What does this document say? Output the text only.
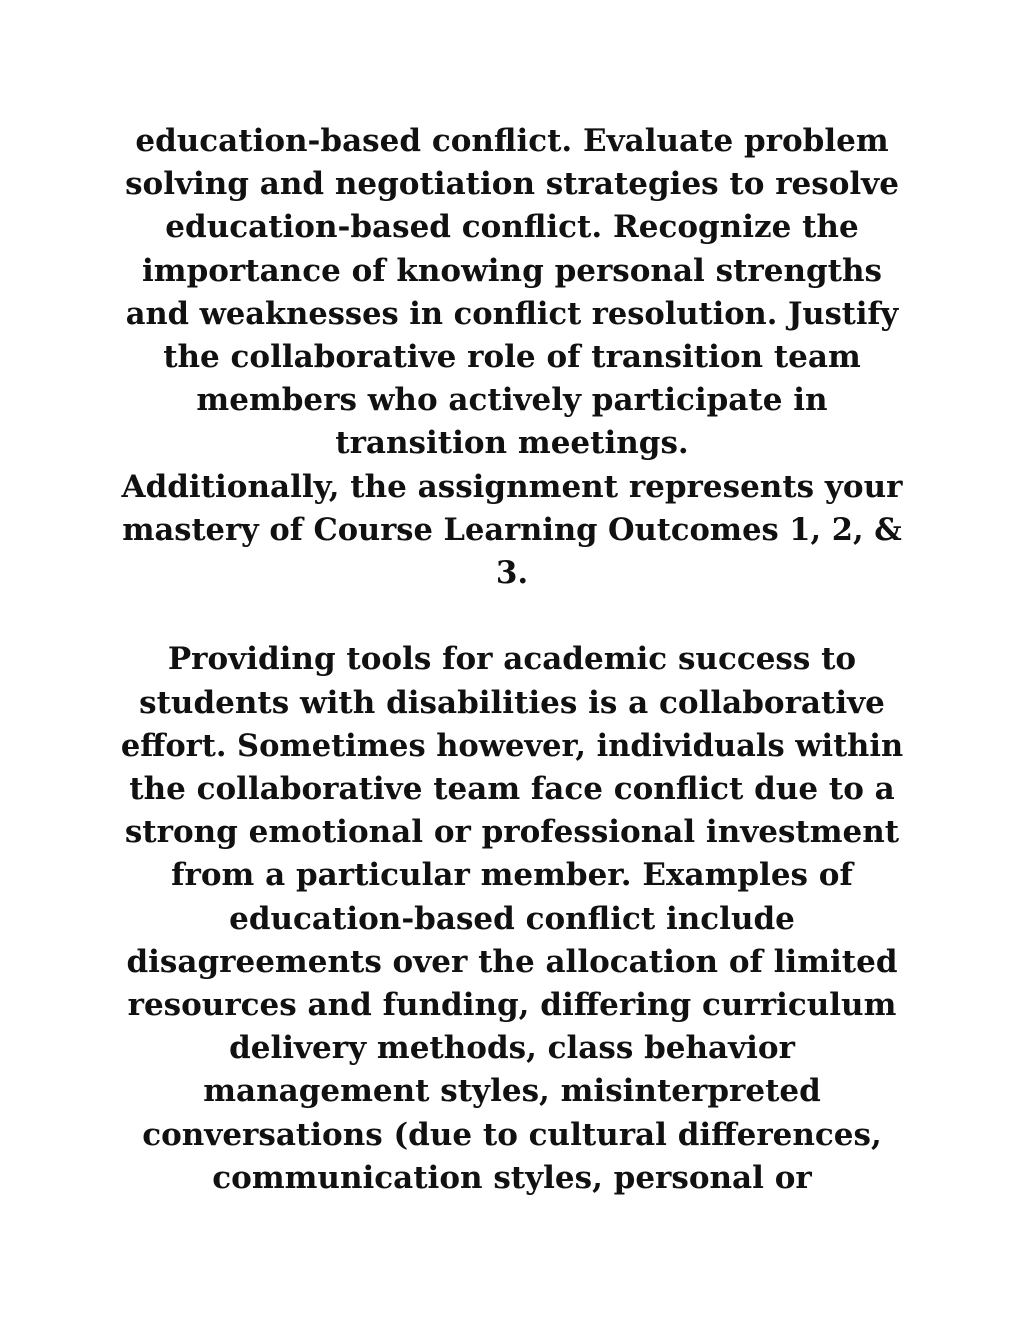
education-based conflict. Evaluate problem
solving and negotiation strategies to resolve
education-based conflict. Recognize the
importance of knowing personal strengths
and weaknesses in conflict resolution. Justify
the collaborative role of transition team
members who actively participate in
transition meetings.
Additionally, the assignment represents your
mastery of Course Learning Outcomes 1, 2, &
3.
Providing tools for academic success to
students with disabilities is a collaborative
effort. Sometimes however, individuals within
the collaborative team face conflict due to a
strong emotional or professional investment
from a particular member. Examples of
education-based conflict include
disagreements over the allocation of limited
resources and funding, differing curriculum
delivery methods, class behavior
management styles, misinterpreted
conversations (due to cultural differences,
communication styles, personal or
